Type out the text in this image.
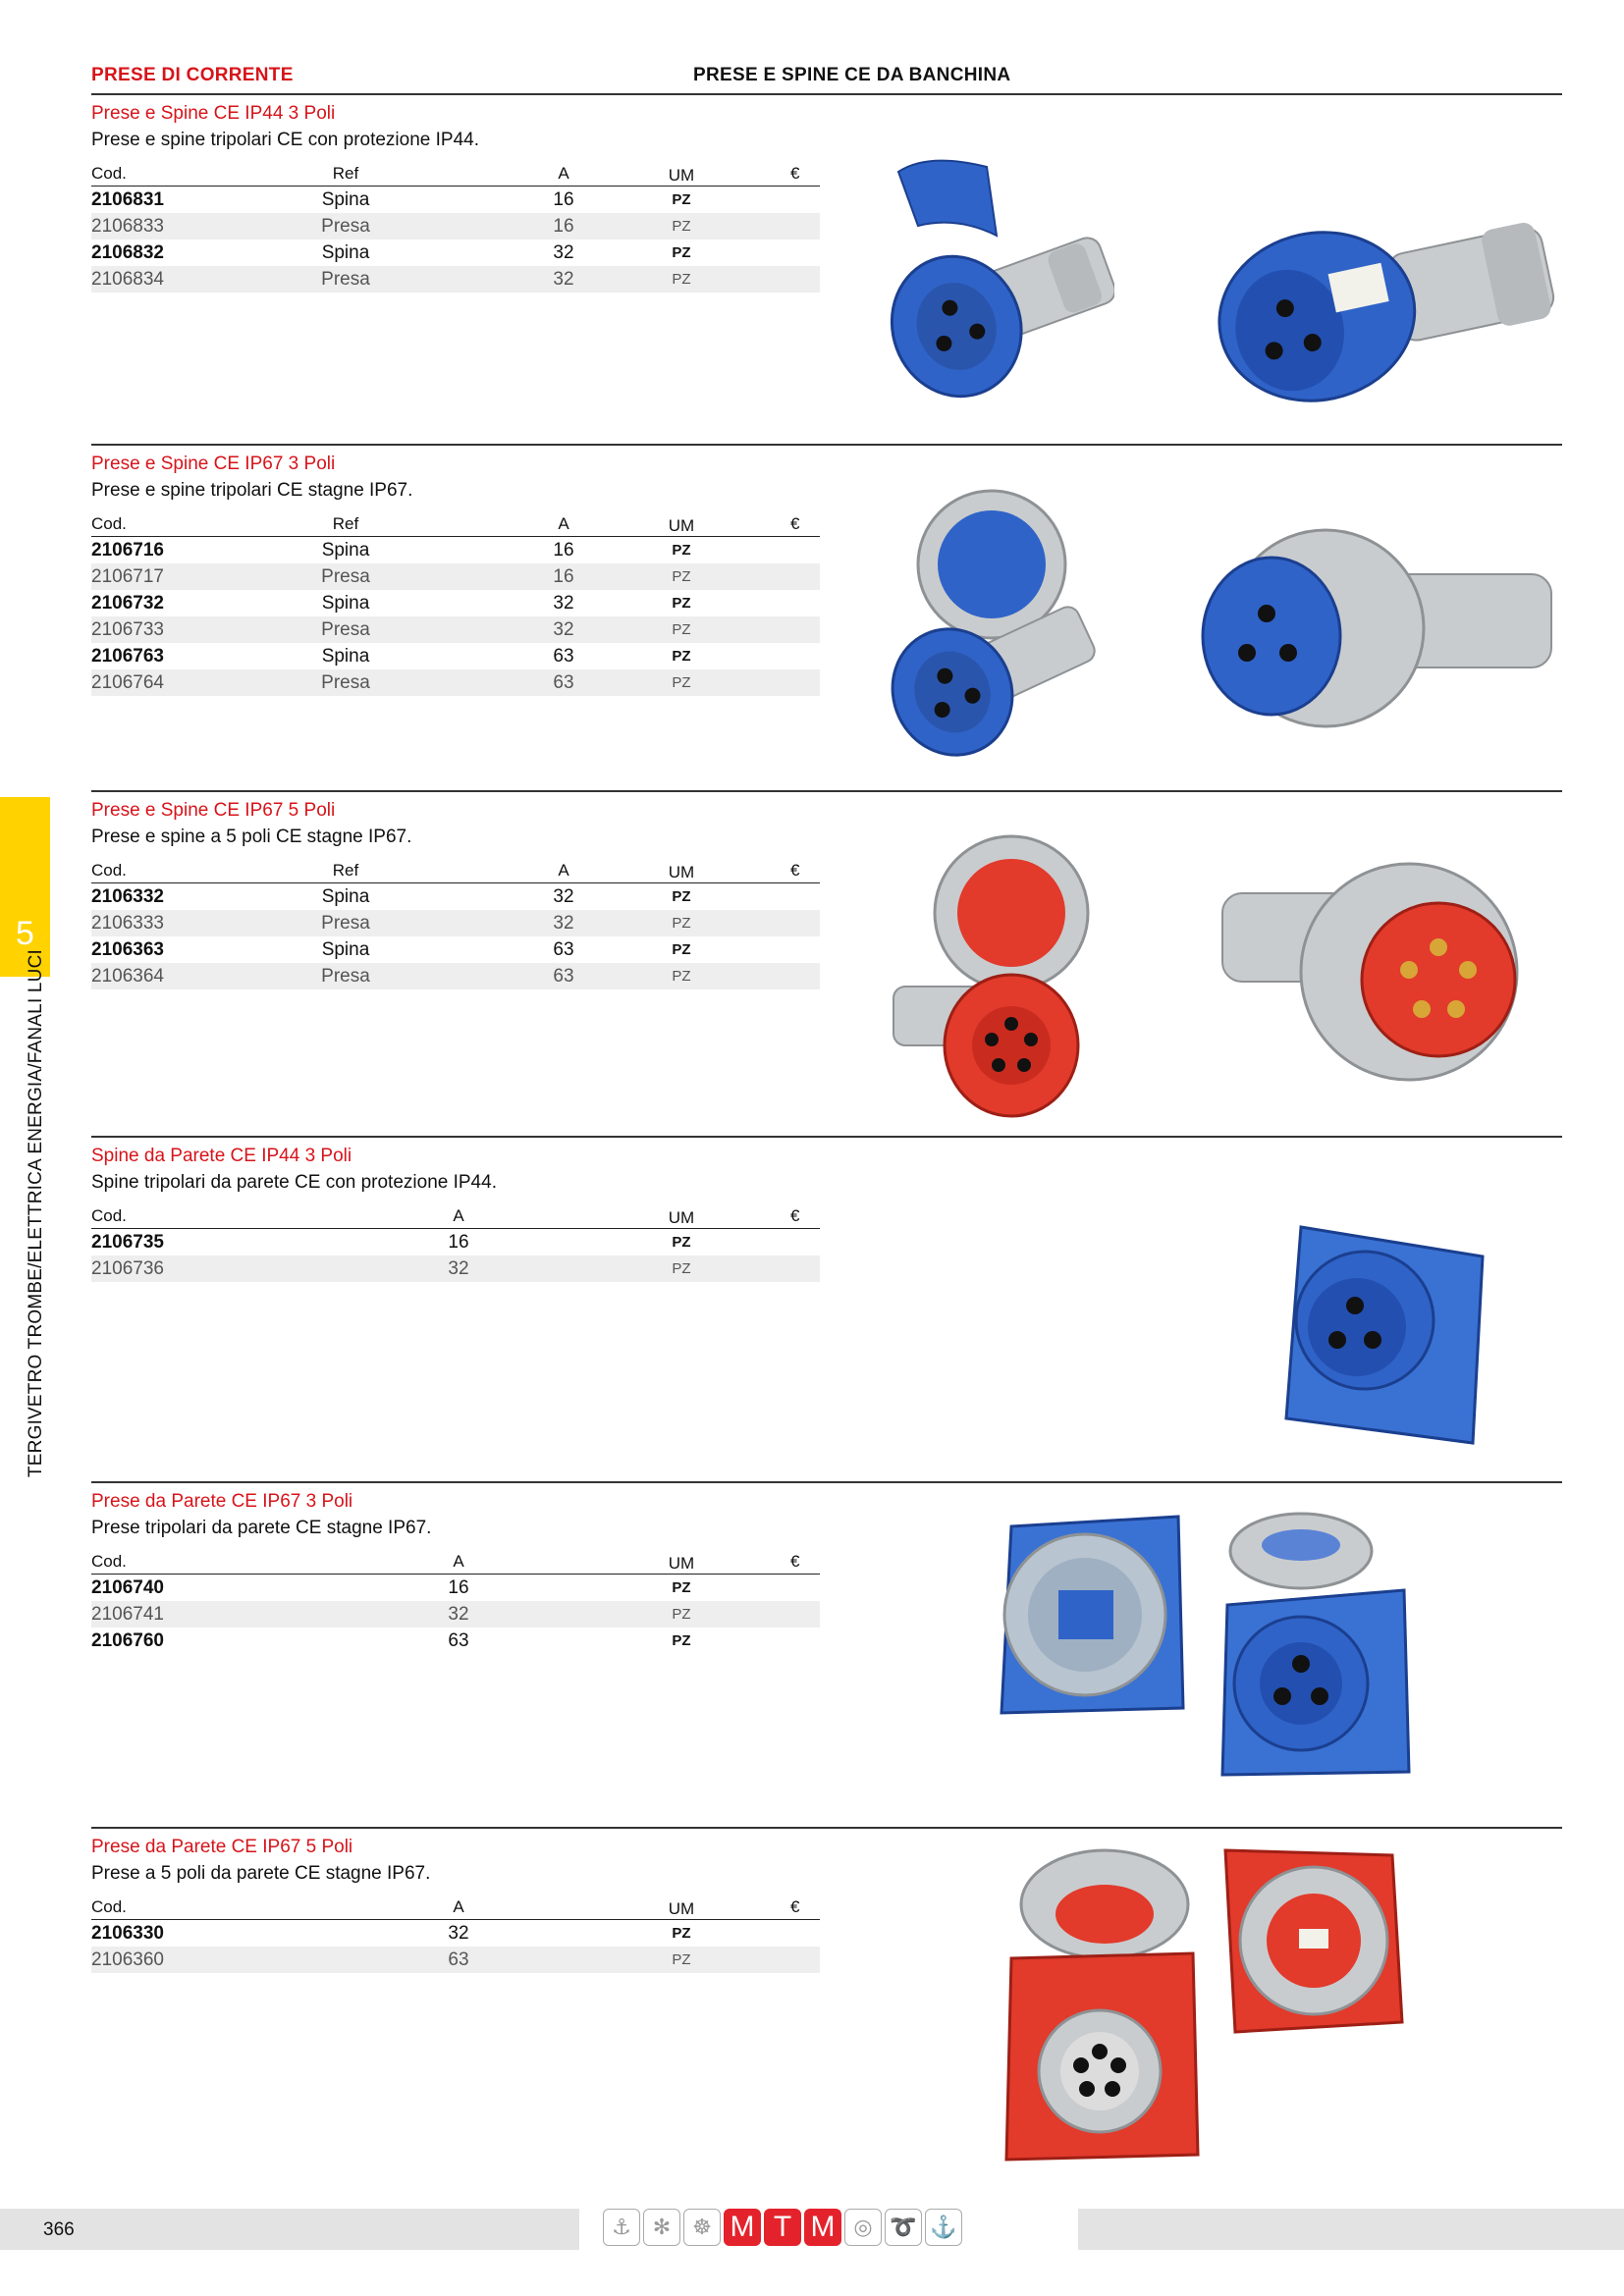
PRESE DI CORRENTE	PRESE E SPINE CE DA BANCHINA
5
TERGIVETRO TROMBE/ELETTRICA ENERGIA/FANALI LUCI
Prese e Spine CE IP44 3 Poli
Prese e spine tripolari CE con protezione IP44.
Cod.	Ref	A	UM	€
2106831	Spina	16	PZ
2106833	Presa	16	PZ
2106832	Spina	32	PZ
2106834	Presa	32	PZ
Prese e Spine CE IP67 3 Poli
Prese e spine tripolari CE stagne IP67.
Cod.	Ref	A	UM	€
2106716	Spina	16	PZ
2106717	Presa	16	PZ
2106732	Spina	32	PZ
2106733	Presa	32	PZ
2106763	Spina	63	PZ
2106764	Presa	63	PZ
Prese e Spine CE IP67 5 Poli
Prese e spine a 5 poli CE stagne IP67.
Cod.	Ref	A	UM	€
2106332	Spina	32	PZ
2106333	Presa	32	PZ
2106363	Spina	63	PZ
2106364	Presa	63	PZ
Spine da Parete CE IP44 3 Poli
Spine tripolari da parete CE con protezione IP44.
Cod.	A	UM	€
2106735	16	PZ
2106736	32	PZ
Prese da Parete CE IP67 3 Poli
Prese tripolari da parete CE stagne IP67.
Cod.	A	UM	€
2106740	16	PZ
2106741	32	PZ
2106760	63	PZ
Prese da Parete CE IP67 5 Poli
Prese a 5 poli da parete CE stagne IP67.
Cod.	A	UM	€
2106330	32	PZ
2106360	63	PZ
366	⚓︎ ✻ ☸ M T M ◎ ➰ ⚓
